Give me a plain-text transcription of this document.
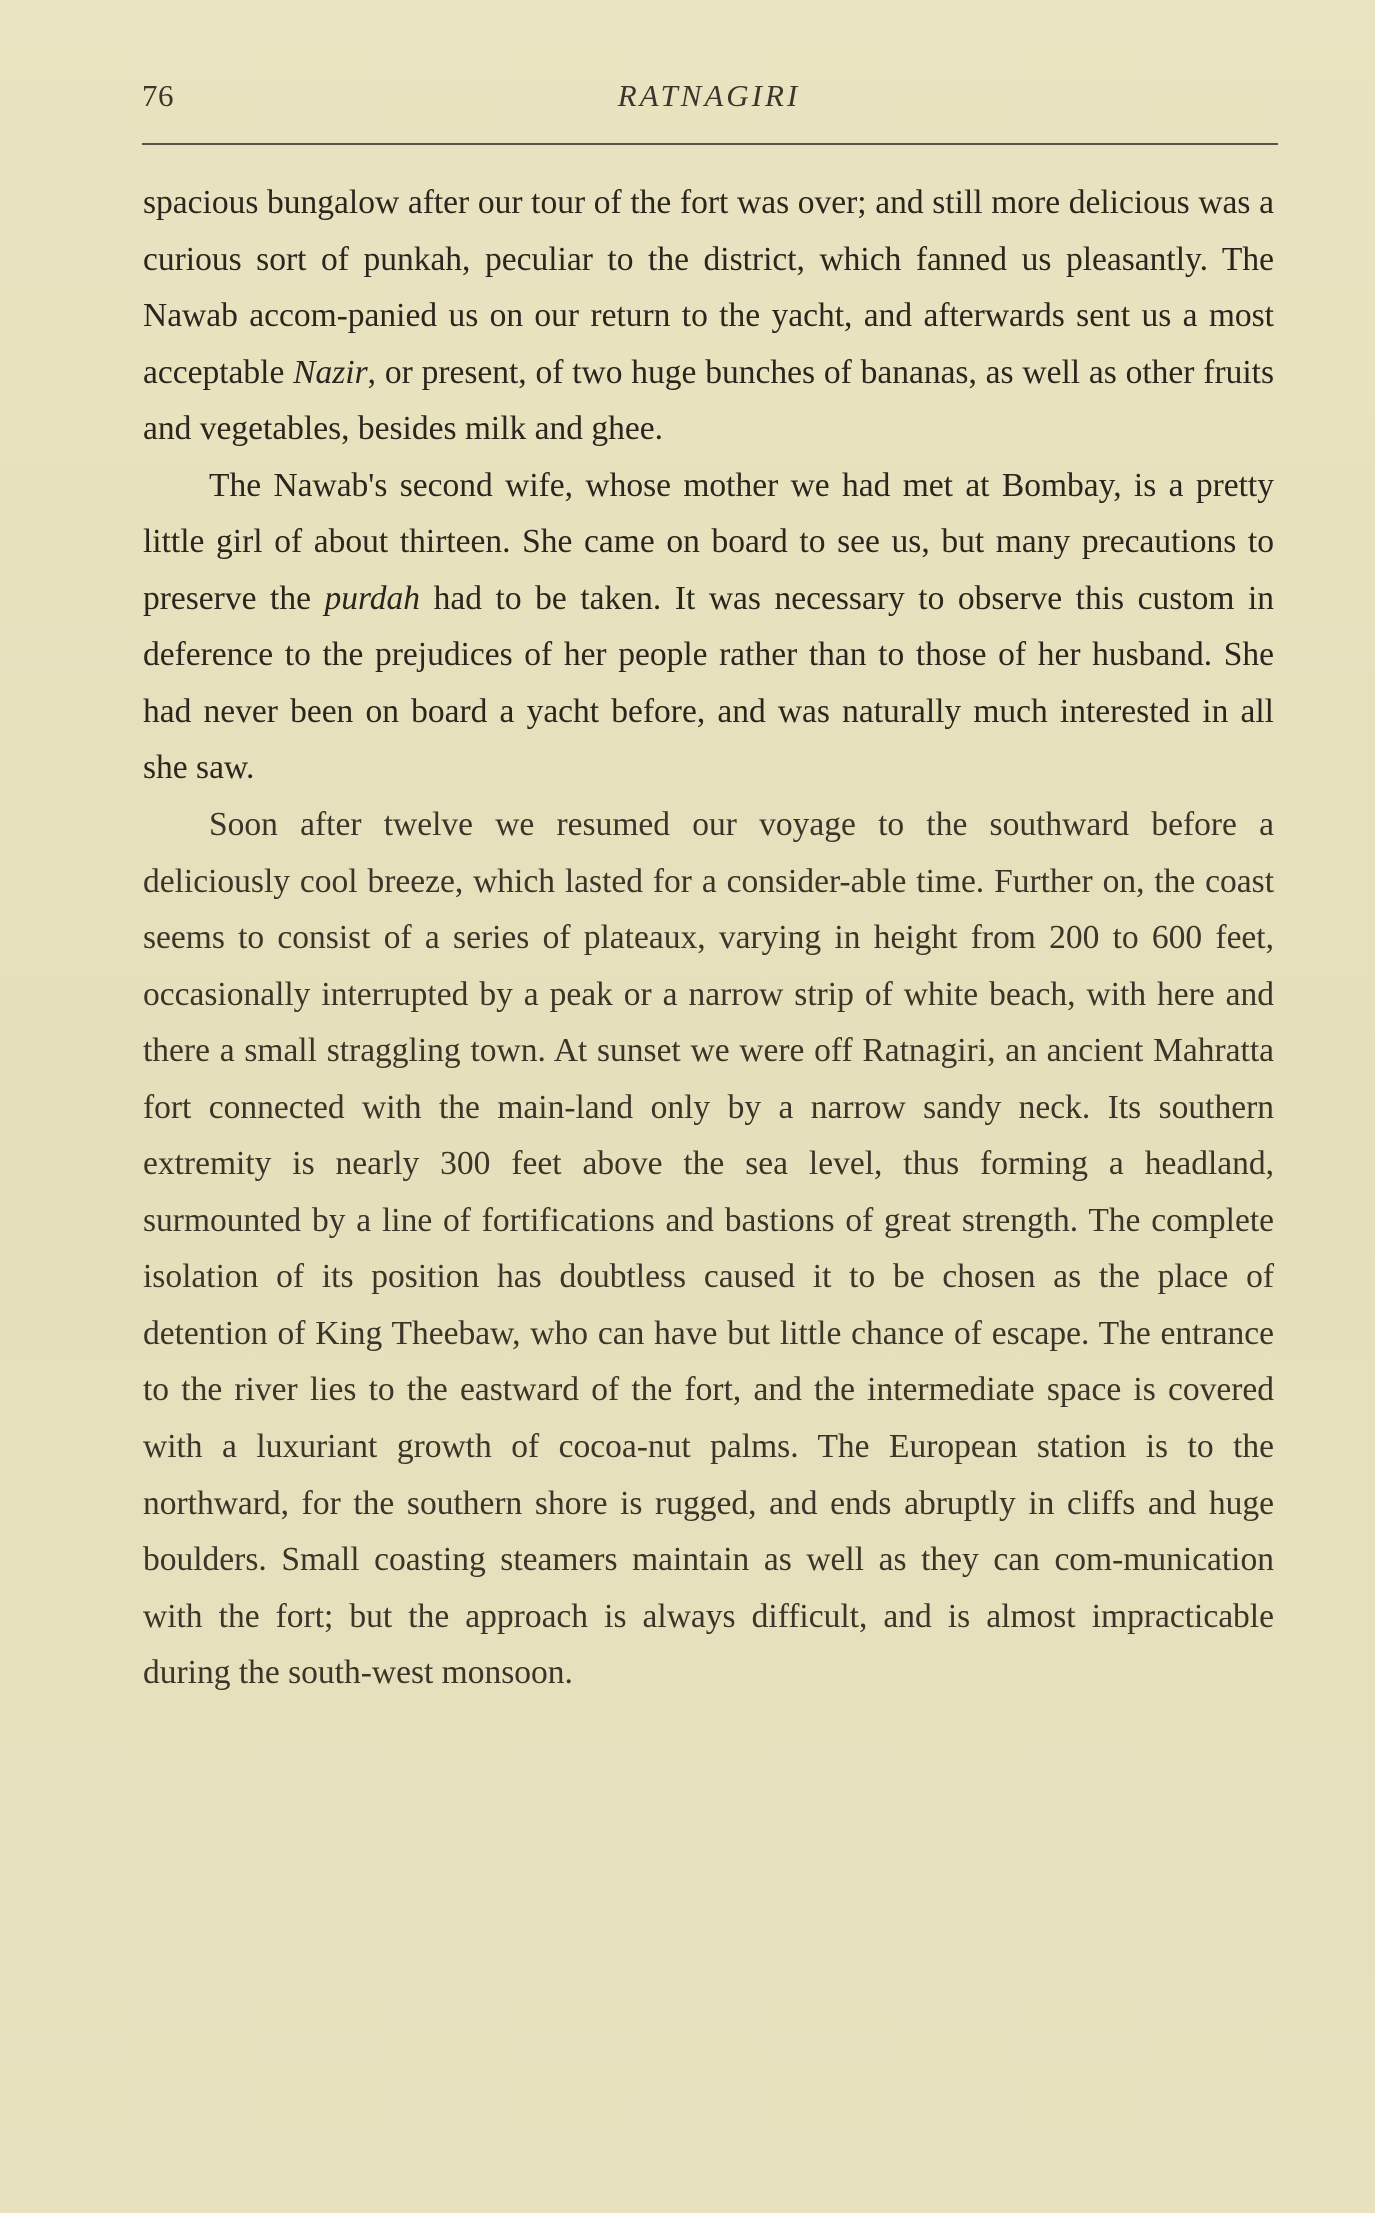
76	RATNAGIRI

spacious bungalow after our tour of the fort was over; and still more delicious was a curious sort of punkah, peculiar to the district, which fanned us pleasantly. The Nawab accom-panied us on our return to the yacht, and afterwards sent us a most acceptable Nazir, or present, of two huge bunches of bananas, as well as other fruits and vegetables, besides milk and ghee.

The Nawab's second wife, whose mother we had met at Bombay, is a pretty little girl of about thirteen. She came on board to see us, but many precautions to preserve the purdah had to be taken. It was necessary to observe this custom in deference to the prejudices of her people rather than to those of her husband. She had never been on board a yacht before, and was naturally much interested in all she saw.

Soon after twelve we resumed our voyage to the southward before a deliciously cool breeze, which lasted for a consider-able time. Further on, the coast seems to consist of a series of plateaux, varying in height from 200 to 600 feet, occasionally interrupted by a peak or a narrow strip of white beach, with here and there a small straggling town. At sunset we were off Ratnagiri, an ancient Mahratta fort connected with the main-land only by a narrow sandy neck. Its southern extremity is nearly 300 feet above the sea level, thus forming a headland, surmounted by a line of fortifications and bastions of great strength. The complete isolation of its position has doubtless caused it to be chosen as the place of detention of King Theebaw, who can have but little chance of escape. The entrance to the river lies to the eastward of the fort, and the intermediate space is covered with a luxuriant growth of cocoa-nut palms. The European station is to the northward, for the southern shore is rugged, and ends abruptly in cliffs and huge boulders. Small coasting steamers maintain as well as they can com-munication with the fort; but the approach is always difficult, and is almost impracticable during the south-west monsoon.
